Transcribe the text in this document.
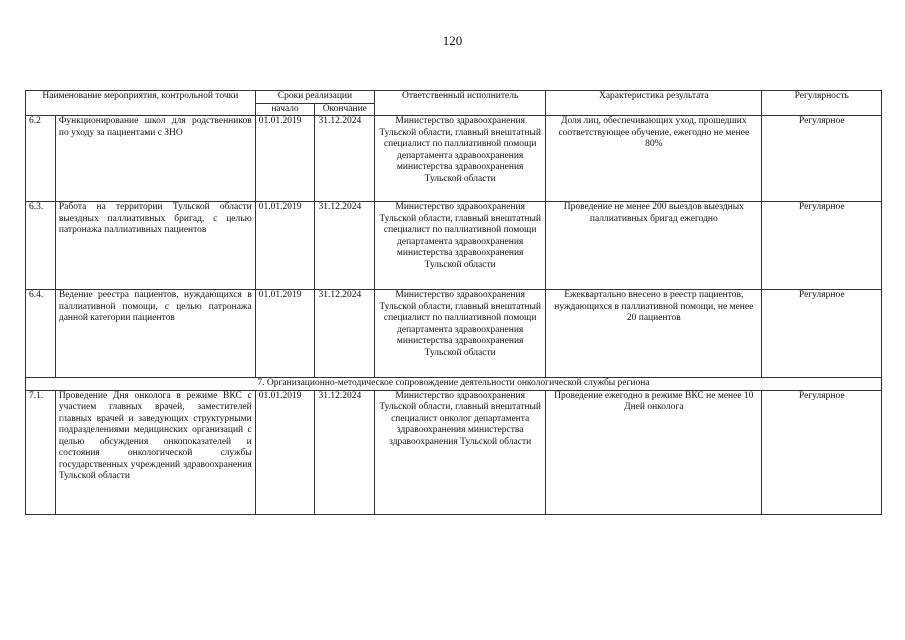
120
Наименование мероприятия, контрольной точки		Сроки реализации		Ответственный исполнитель	Характеристика результата	Регулярность
		начало	Окончание			
6.2	Функционирование школ для родственников по уходу за пациентами с ЗНО	01.01.2019	31.12.2024	Министерство здравоохранения Тульской области, главный внештатный специалист по паллиативной помощи департамента здравоохранения министерства здравоохранения Тульской области	Доля лиц, обеспечивающих уход, прошедших соответствующее обучение, ежегодно не менее 80%	Регулярное
6.3.	Работа на территории Тульской области выездных паллиативных бригад, с целью патронажа паллиативных пациентов	01.01.2019	31.12.2024	Министерство здравоохранения Тульской области, главный внештатный специалист по паллиативной помощи департамента здравоохранения министерства здравоохранения Тульской области	Проведение не менее 200 выездов выездных паллиативных бригад ежегодно	Регулярное
6.4.	Ведение реестра пациентов, нуждающихся в паллиативной помощи, с целью патронажа данной категории пациентов	01.01.2019	31.12.2024	Министерство здравоохранения Тульской области, главный внештатный специалист по паллиативной помощи департамента здравоохранения министерства здравоохранения Тульской области	Ежеквартально внесено в реестр пациентов, нуждающихся в паллиативной помощи, не менее 20 пациентов	Регулярное
7. Организационно-методическое сопровождение деятельности онкологической службы региона						
7.1.	Проведение Дня онколога в режиме ВКС с участием главных врачей, заместителей главных врачей и заведующих структурными подразделениями медицинских организаций с целью обсуждения онкопоказателей и состояния онкологической службы государственных учреждений здравоохранения Тульской области	01.01.2019	31.12.2024	Министерство здравоохранения Тульской области, главный внештатный специалист онколог департамента здравоохранения министерства здравоохранения Тульской области	Проведение ежегодно в режиме ВКС не менее 10 Дней онколога	Регулярное
